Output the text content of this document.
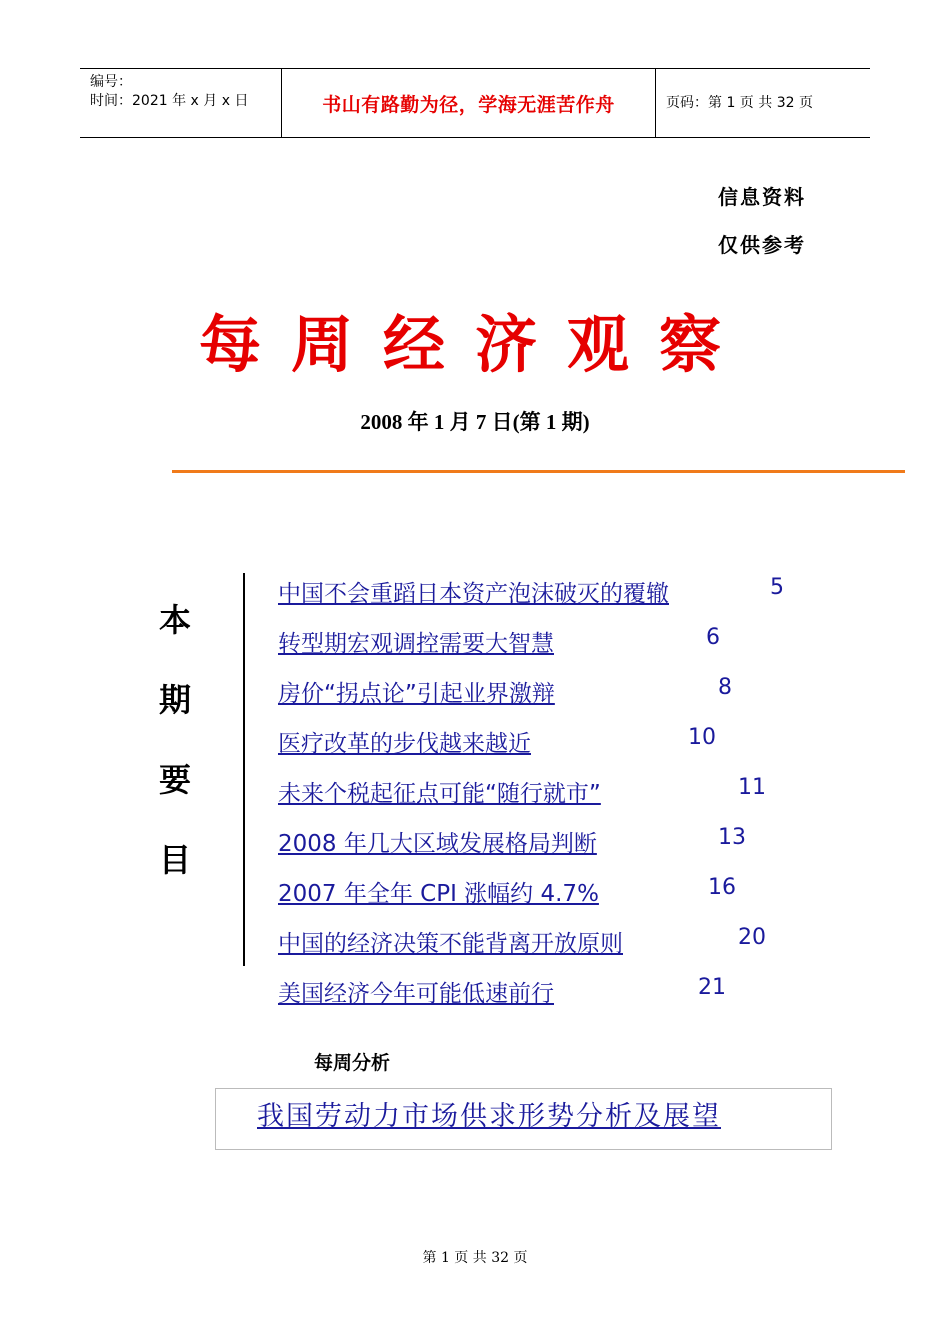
编号：
时间：2021 年 x 月 x 日	书山有路勤为径，学海无涯苦作舟	页码：第 1 页 共 32 页
信息资料
仅供参考
每周经济观察
2008 年 1 月 7 日(第 1 期)
本
期
要
目
中国不会重蹈日本资产泡沫破灭的覆辙	5
转型期宏观调控需要大智慧	6
房价“拐点论”引起业界激辩	8
医疗改革的步伐越来越近	10
未来个税起征点可能“随行就市”	11
2008 年几大区域发展格局判断	13
2007 年全年 CPI 涨幅约 4.7%	16
中国的经济决策不能背离开放原则	20
美国经济今年可能低速前行	21
每周分析
我国劳动力市场供求形势分析及展望
第 1 页 共 32 页
